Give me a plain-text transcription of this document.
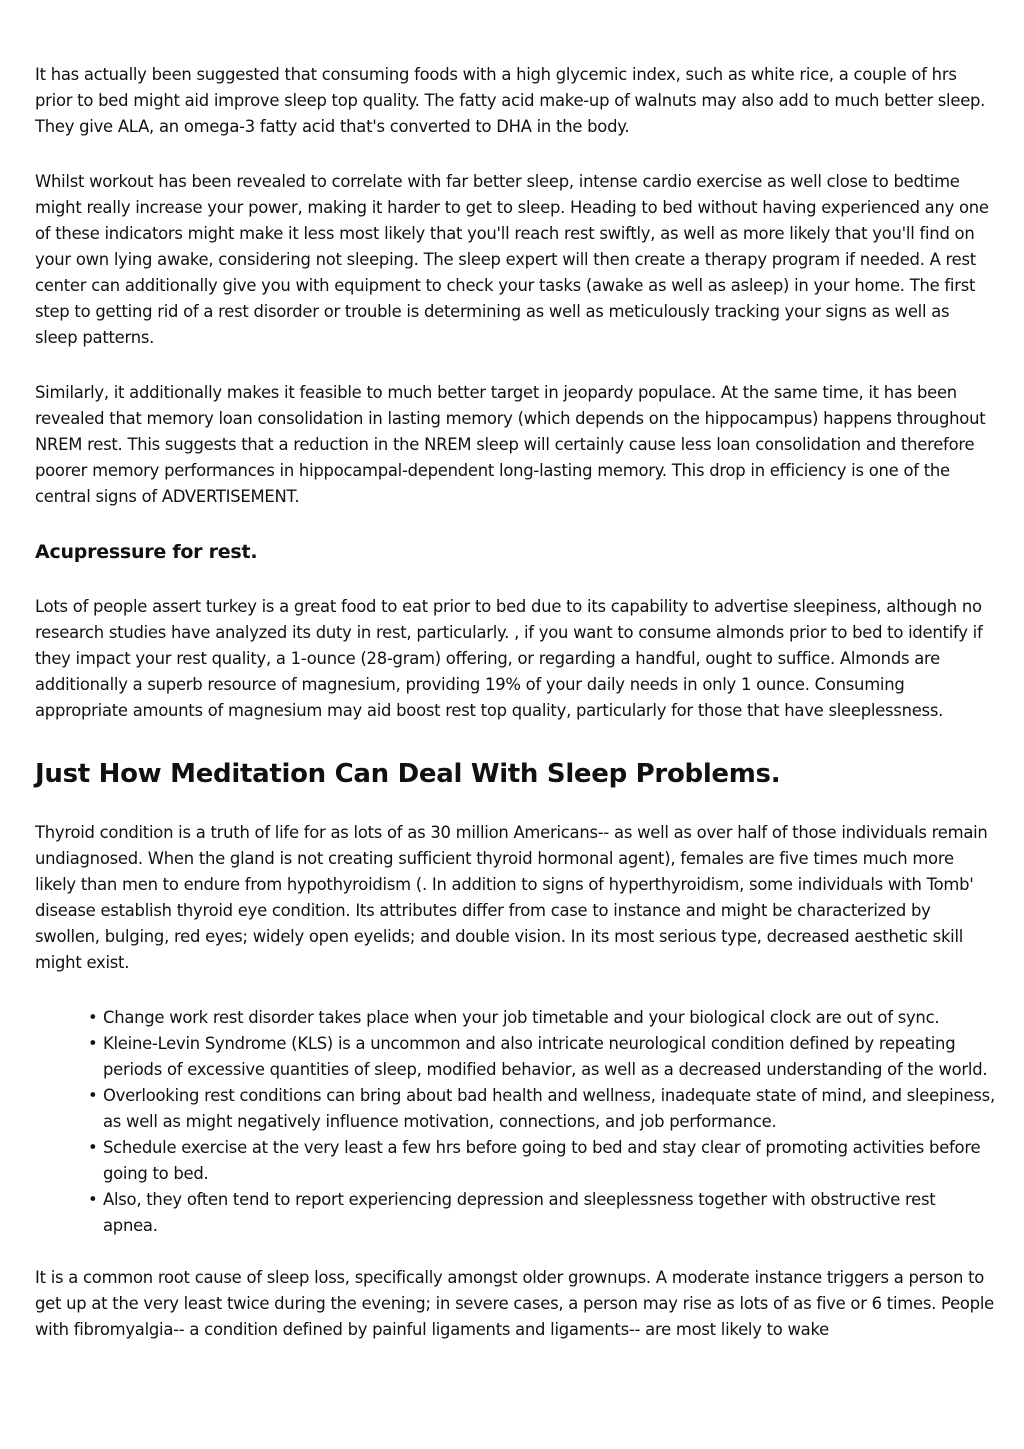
It has actually been suggested that consuming foods with a high glycemic index, such as white rice, a couple of hrs prior to bed might aid improve sleep top quality. The fatty acid make-up of walnuts may also add to much better sleep. They give ALA, an omega-3 fatty acid that's converted to DHA in the body.

Whilst workout has been revealed to correlate with far better sleep, intense cardio exercise as well close to bedtime might really increase your power, making it harder to get to sleep. Heading to bed without having experienced any one of these indicators might make it less most likely that you'll reach rest swiftly, as well as more likely that you'll find on your own lying awake, considering not sleeping. The sleep expert will then create a therapy program if needed. A rest center can additionally give you with equipment to check your tasks (awake as well as asleep) in your home. The first step to getting rid of a rest disorder or trouble is determining as well as meticulously tracking your signs as well as sleep patterns.

Similarly, it additionally makes it feasible to much better target in jeopardy populace. At the same time, it has been revealed that memory loan consolidation in lasting memory (which depends on the hippocampus) happens throughout NREM rest. This suggests that a reduction in the NREM sleep will certainly cause less loan consolidation and therefore poorer memory performances in hippocampal-dependent long-lasting memory. This drop in efficiency is one of the central signs of ADVERTISEMENT.

Acupressure for rest.

Lots of people assert turkey is a great food to eat prior to bed due to its capability to advertise sleepiness, although no research studies have analyzed its duty in rest, particularly. , if you want to consume almonds prior to bed to identify if they impact your rest quality, a 1-ounce (28-gram) offering, or regarding a handful, ought to suffice. Almonds are additionally a superb resource of magnesium, providing 19% of your daily needs in only 1 ounce. Consuming appropriate amounts of magnesium may aid boost rest top quality, particularly for those that have sleeplessness.

Just How Meditation Can Deal With Sleep Problems.

Thyroid condition is a truth of life for as lots of as 30 million Americans-- as well as over half of those individuals remain undiagnosed. When the gland is not creating sufficient thyroid hormonal agent), females are five times much more likely than men to endure from hypothyroidism (. In addition to signs of hyperthyroidism, some individuals with Tomb' disease establish thyroid eye condition. Its attributes differ from case to instance and might be characterized by swollen, bulging, red eyes; widely open eyelids; and double vision. In its most serious type, decreased aesthetic skill might exist.

• Change work rest disorder takes place when your job timetable and your biological clock are out of sync.
• Kleine-Levin Syndrome (KLS) is a uncommon and also intricate neurological condition defined by repeating periods of excessive quantities of sleep, modified behavior, as well as a decreased understanding of the world.
• Overlooking rest conditions can bring about bad health and wellness, inadequate state of mind, and sleepiness, as well as might negatively influence motivation, connections, and job performance.
• Schedule exercise at the very least a few hrs before going to bed and stay clear of promoting activities before going to bed.
• Also, they often tend to report experiencing depression and sleeplessness together with obstructive rest apnea.

It is a common root cause of sleep loss, specifically amongst older grownups. A moderate instance triggers a person to get up at the very least twice during the evening; in severe cases, a person may rise as lots of as five or 6 times. People with fibromyalgia-- a condition defined by painful ligaments and ligaments-- are most likely to wake
